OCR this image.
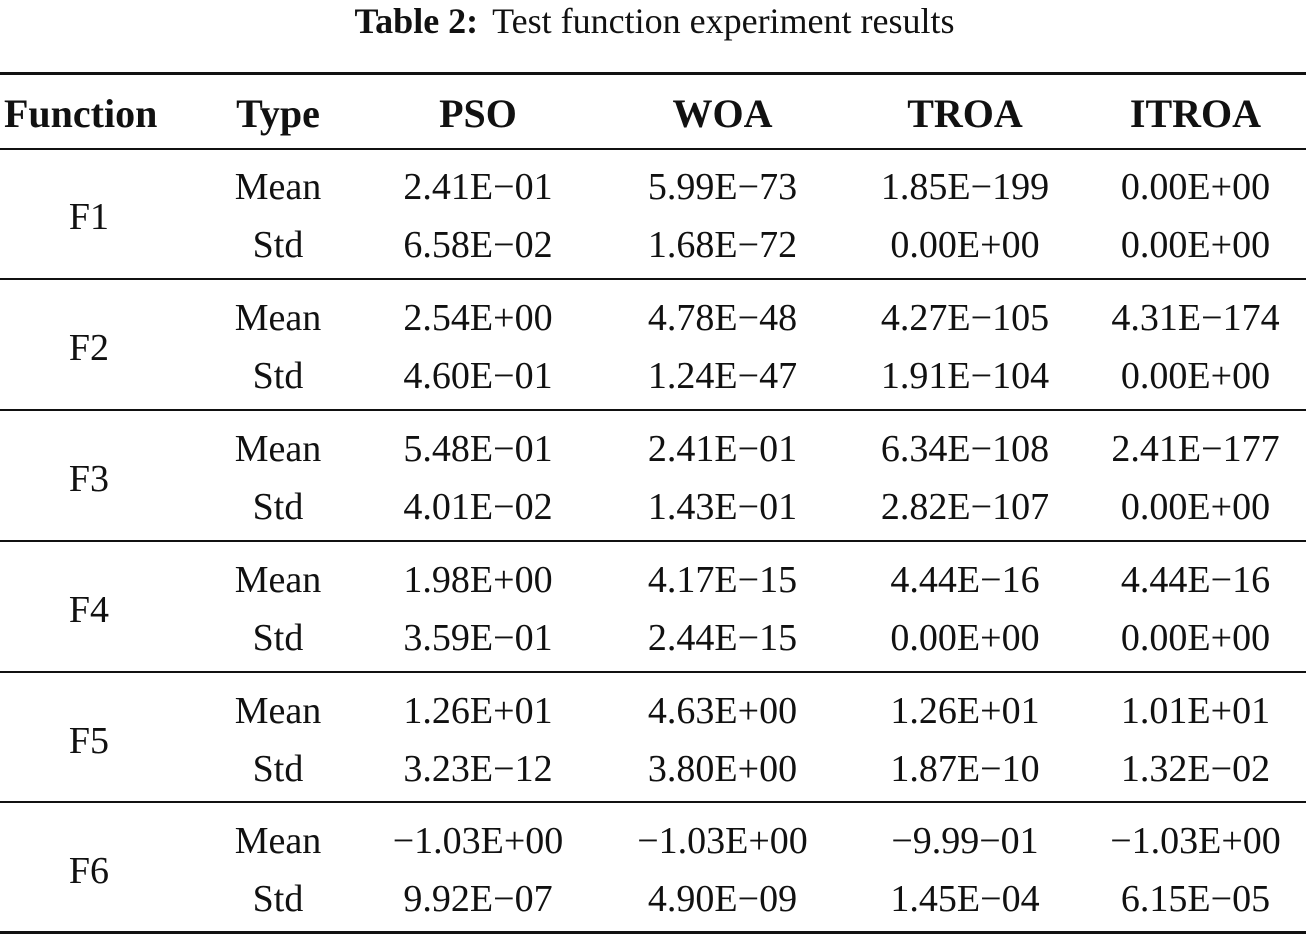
Table 2: Test function experiment results
Function	Type	PSO	WOA	TROA	ITROA
F1
Mean	2.41E−01	5.99E−73	1.85E−199	0.00E+00
Std	6.58E−02	1.68E−72	0.00E+00	0.00E+00
F2
Mean	2.54E+00	4.78E−48	4.27E−105	4.31E−174
Std	4.60E−01	1.24E−47	1.91E−104	0.00E+00
F3
Mean	5.48E−01	2.41E−01	6.34E−108	2.41E−177
Std	4.01E−02	1.43E−01	2.82E−107	0.00E+00
F4
Mean	1.98E+00	4.17E−15	4.44E−16	4.44E−16
Std	3.59E−01	2.44E−15	0.00E+00	0.00E+00
F5
Mean	1.26E+01	4.63E+00	1.26E+01	1.01E+01
Std	3.23E−12	3.80E+00	1.87E−10	1.32E−02
F6
Mean	−1.03E+00	−1.03E+00	−9.99−01	−1.03E+00
Std	9.92E−07	4.90E−09	1.45E−04	6.15E−05
